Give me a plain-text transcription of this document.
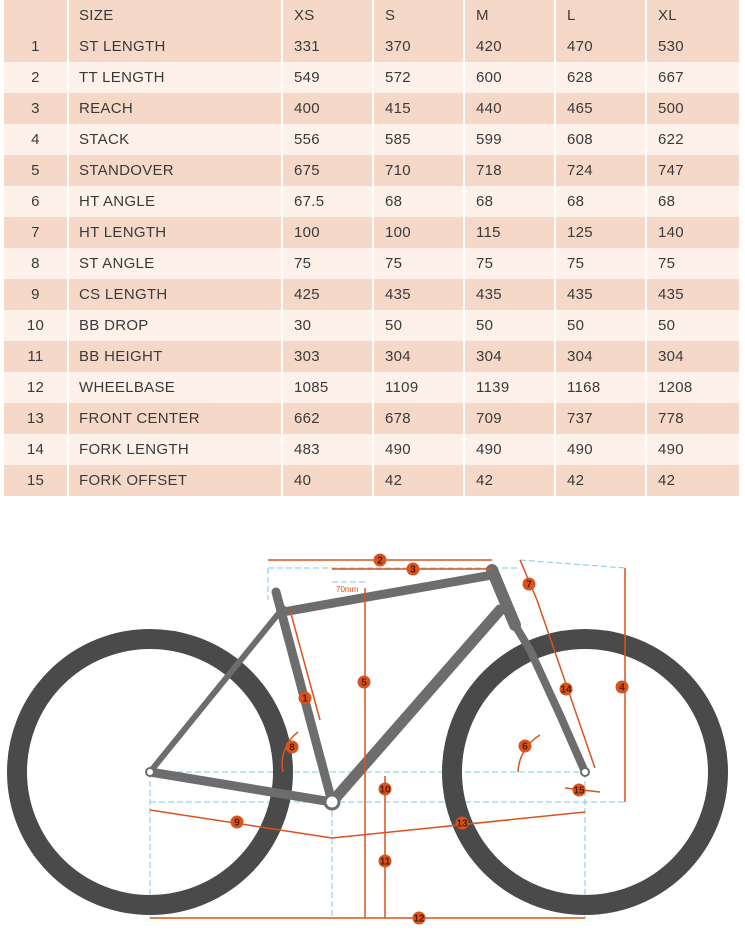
	SIZE	XS	S	M	L	XL
1	ST LENGTH	331	370	420	470	530
2	TT LENGTH	549	572	600	628	667
3	REACH	400	415	440	465	500
4	STACK	556	585	599	608	622
5	STANDOVER	675	710	718	724	747
6	HT ANGLE	67.5	68	68	68	68
7	HT LENGTH	100	100	115	125	140
8	ST ANGLE	75	75	75	75	75
9	CS LENGTH	425	435	435	435	435
10	BB DROP	30	50	50	50	50
11	BB HEIGHT	303	304	304	304	304
12	WHEELBASE	1085	1109	1139	1168	1208
13	FRONT CENTER	662	678	709	737	778
14	FORK LENGTH	483	490	490	490	490
15	FORK OFFSET	40	42	42	42	42
1
2
3
4
5
6
7
8
9
10
11
12
13
14
15
70mm
